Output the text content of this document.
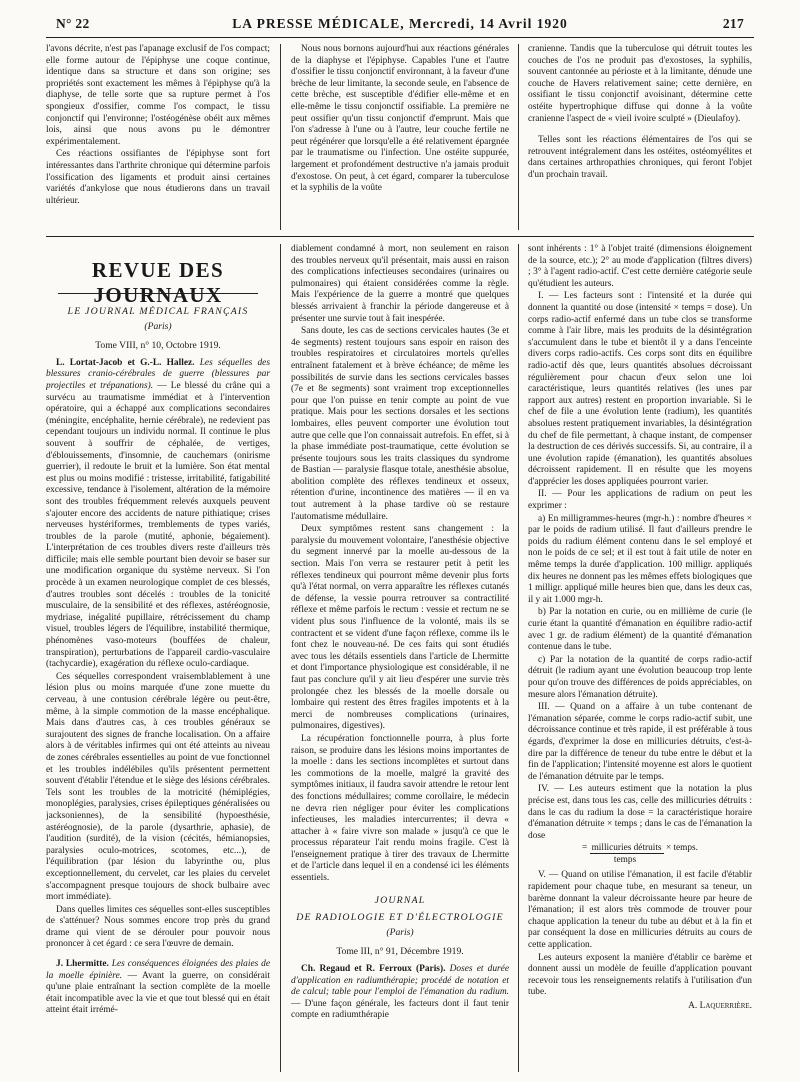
N° 22	LA PRESSE MÉDICALE, Mercredi, 14 Avril 1920	217

l'avons décrite, n'est pas l'apanage exclusif de l'os compact; elle forme autour de l'épiphyse une coque continue, identique dans sa structure et dans son origine; ses propriétés sont exactement les mêmes à l'épiphyse qu'à la diaphyse, de telle sorte que sa rupture permet à l'os spongieux d'ossifier, comme l'os compact, le tissu conjonctif qui l'environne; l'ostéogénèse obéit aux mêmes lois, ainsi que nous avons pu le démontrer expérimentalement.

Ces réactions ossifiantes de l'épiphyse sont fort intéressantes dans l'arthrite chronique qui détermine parfois l'ossification des ligaments et produit ainsi certaines variétés d'ankylose que nous étudierons dans un travail ultérieur.

Nous nous bornons aujourd'hui aux réactions générales de la diaphyse et l'épiphyse. Capables l'une et l'autre d'ossifier le tissu conjonctif environnant, à la faveur d'une brèche de leur limitante, la seconde seule, en l'absence de cette brèche, est susceptible d'édifier elle-même et en elle-même le tissu conjonctif ossifiable. La première ne peut ossifier qu'un tissu conjonctif d'emprunt. Mais que l'on s'adresse à l'une ou à l'autre, leur couche fertile ne peut régénérer que lorsqu'elle a été relativement épargnée par le traumatisme ou l'infection. Une ostéite suppurée, largement et profondément destructive n'a jamais produit d'exostose. On peut, à cet égard, comparer la tuberculose et la syphilis de la voûte

cranienne. Tandis que la tuberculose qui détruit toutes les couches de l'os ne produit pas d'exostoses, la syphilis, souvent cantonnée au périoste et à la limitante, dénude une couche de Havers relativement saine; cette dernière, en ossifiant le tissu conjonctif avoisinant, détermine cette ostéite hypertrophique diffuse qui donne à la voûte cranienne l'aspect de « vieil ivoire sculpté » (Dieulafoy).

Telles sont les réactions élémentaires de l'os qui se retrouvent intégralement dans les ostéites, ostéomyélites et dans certaines arthropathies chroniques, qui feront l'objet d'un prochain travail.

REVUE DES JOURNAUX
LE JOURNAL MÉDICAL FRANÇAIS
(Paris)
Tome VIII, n° 10, Octobre 1919.

L. Lortat-Jacob et G.-L. Hallez. Les séquelles des blessures cranio-cérébrales de guerre (blessures par projectiles et trépanations). — Le blessé du crâne qui a survécu au traumatisme immédiat et à l'intervention opératoire, qui a échappé aux complications secondaires (méningite, encéphalite, hernie cérébrale), ne redevient pas cependant toujours un individu normal. Il continue le plus souvent à souffrir de céphalée, de vertiges, d'éblouissements, d'insomnie, de cauchemars (onirisme guerrier), il redoute le bruit et la lumière. Son état mental est plus ou moins modifié : tristesse, irritabilité, fatigabilité excessive, tendance à l'isolement, altération de la mémoire sont des troubles fréquemment relevés auxquels peuvent s'ajouter encore des accidents de nature pithiatique; crises nerveuses hystériformes, tremblements de types variés, troubles de la parole (mutité, aphonie, bégaiement). L'interprétation de ces troubles divers reste d'ailleurs très difficile; mais elle semble pourtant bien devoir se baser sur une modification organique du système nerveux. Si l'on procède à un examen neurologique complet de ces blessés, d'autres troubles sont décelés : troubles de la tonicité musculaire, de la sensibilité et des réflexes, astéréognosie, mydriase, inégalité pupillaire, rétrécissement du champ visuel, troubles légers de l'équilibre, instabilité thermique, phénomènes vaso-moteurs (bouffées de chaleur, transpiration), perturbations de l'appareil cardio-vasculaire (tachycardie), exagération du réflexe oculo-cardiaque.

Ces séquelles correspondent vraisemblablement à une lésion plus ou moins marquée d'une zone muette du cerveau, à une contusion cérébrale légère ou peut-être, même, à la simple commotion de la masse encéphalique. Mais dans d'autres cas, à ces troubles généraux se surajoutent des signes de franche localisation. On a affaire alors à de véritables infirmes qui ont été atteints au niveau de zones cérébrales essentielles au point de vue fonctionnel et les troubles indélébiles qu'ils présentent permettent souvent d'établir l'étendue et le siège des lésions cérébrales. Tels sont les troubles de la motricité (hémiplégies, monoplégies, paralysies, crises épileptiques généralisées ou jacksoniennes), de la sensibilité (hypoesthésie, astéréognosie), de la parole (dysarthrie, aphasie), de l'audition (surdité), de la vision (cécités, hémianopsies, paralysies oculo-motrices, scotomes, etc...), de l'équilibration (par lésion du labyrinthe ou, plus exceptionnellement, du cervelet, car les plaies du cervelet s'accompagnent presque toujours de shock bulbaire avec mort immédiate).

Dans quelles limites ces séquelles sont-elles susceptibles de s'atténuer? Nous sommes encore trop près du grand drame qui vient de se dérouler pour pouvoir nous prononcer à cet égard : ce sera l'œuvre de demain.

J. Lhermitte. Les conséquences éloignées des plaies de la moelle épinière. — Avant la guerre, on considérait qu'une plaie entraînant la section complète de la moelle était incompatible avec la vie et que tout blessé qui en était atteint était irrémé-

diablement condamné à mort, non seulement en raison des troubles nerveux qu'il présentait, mais aussi en raison des complications infectieuses secondaires (urinaires ou pulmonaires) qui étaient considérées comme la règle. Mais l'expérience de la guerre a montré que quelques blessés arrivaient à franchir la période dangereuse et à présenter une survie tout à fait inespérée.

Sans doute, les cas de sections cervicales hautes (3e et 4e segments) restent toujours sans espoir en raison des troubles respiratoires et circulatoires mortels qu'elles entraînent fatalement et à brève échéance; de même les possibilités de survie dans les sections cervicales basses (7e et 8e segments) sont vraiment trop exceptionnelles pour que l'on puisse en tenir compte au point de vue pratique. Mais pour les sections dorsales et les sections lombaires, elles peuvent comporter une évolution tout autre que celle que l'on connaissait autrefois. En effet, si à la phase immédiate post-traumatique, cette évolution se présente toujours sous les traits classiques du syndrome de Bastian — paralysie flasque totale, anesthésie absolue, abolition complète des réflexes tendineux et osseux, rétention d'urine, incontinence des matières — il en va tout autrement à la phase tardive où se restaure l'automatisme médullaire.

Deux symptômes restent sans changement : la paralysie du mouvement volontaire, l'anesthésie objective du segment innervé par la moelle au-dessous de la section. Mais l'on verra se restaurer petit à petit les réflexes tendineux qui pourront même devenir plus forts qu'à l'état normal, on verra apparaître les réflexes cutanés de défense, la vessie pourra retrouver sa contractilité réflexe et même parfois le rectum : vessie et rectum ne se vident plus sous l'influence de la volonté, mais ils se contractent et se vident d'une façon réflexe, comme ils le font chez le nouveau-né. De ces faits qui sont étudiés avec tous les détails essentiels dans l'article de Lhermitte et dont l'importance physiologique est considérable, il ne faut pas conclure qu'il y ait lieu d'espérer une survie très prolongée chez les blessés de la moelle dorsale ou lombaire qui restent des êtres fragiles impotents et à la merci de nombreuses complications (urinaires, pulmonaires, digestives).

La récupération fonctionnelle pourra, à plus forte raison, se produire dans les lésions moins importantes de la moelle : dans les sections incomplètes et surtout dans les commotions de la moelle, malgré la gravité des symptômes initiaux, il faudra savoir attendre le retour lent des fonctions médullaires; comme corollaire, le médecin ne devra rien négliger pour éviter les complications infectieuses, les maladies intercurrentes; il devra « attacher à « faire vivre son malade » jusqu'à ce que le processus réparateur l'ait rendu moins fragile. C'est là l'enseignement pratique à tirer des travaux de Lhermitte et de l'article dans lequel il en a condensé ici les éléments essentiels.

JOURNAL
DE RADIOLOGIE ET D'ÉLECTROLOGIE
(Paris)
Tome III, n° 91, Décembre 1919.

Ch. Regaud et R. Ferroux (Paris). Doses et durée d'application en radiumthérapie; procédé de notation et de calcul; table pour l'emploi de l'émanation du radium. — D'une façon générale, les facteurs dont il faut tenir compte en radiumthérapie

sont inhérents : 1° à l'objet traité (dimensions éloignement de la source, etc.); 2° au mode d'application (filtres divers) ; 3° à l'agent radio-actif. C'est cette dernière catégorie seule qu'étudient les auteurs.

I. — Les facteurs sont : l'intensité et la durée qui donnent la quantité ou dose (intensité × temps = dose). Un corps radio-actif enfermé dans un tube clos se transforme comme à l'air libre, mais les produits de la désintégration s'accumulent dans le tube et bientôt il y a dans l'enceinte divers corps radio-actifs. Ces corps sont dits en équilibre radio-actif dès que, leurs quantités absolues décroissant régulièrement pour chacun d'eux selon une loi caractéristique, leurs quantités relatives (les unes par rapport aux autres) restent en proportion invariable. Si le chef de file a une évolution lente (radium), les quantités absolues restent pratiquement invariables, la désintégration du chef de file permettant, à chaque instant, de compenser la destruction de ces dérivés successifs. Si, au contraire, il a une évolution rapide (émanation), les quantités absolues décroissent rapidement. Il en résulte que les moyens d'apprécier les doses appliquées pourront varier.

II. — Pour les applications de radium on peut les exprimer :

a) En milligrammes-heures (mgr-h.) : nombre d'heures × par le poids de radium utilisé. Il faut d'ailleurs prendre le poids du radium élément contenu dans le sel employé et non le poids de ce sel; et il est tout à fait utile de noter en même temps la durée d'application. 100 milligr. appliqués dix heures ne donnent pas les mêmes effets biologiques que 1 milligr. appliqué mille heures bien que, dans les deux cas, il y ait 1.000 mgr-h.

b) Par la notation en curie, ou en millième de curie (le curie étant la quantité d'émanation en équilibre radio-actif avec 1 gr. de radium élément) de la quantité d'émanation contenue dans le tube.

c) Par la notation de la quantité de corps radio-actif détruit (le radium ayant une évolution beaucoup trop lente pour qu'on trouve des différences de poids appréciables, on mesure alors l'émanation détruite).

III. — Quand on a affaire à un tube contenant de l'émanation séparée, comme le corps radio-actif subit, une décroissance continue et très rapide, il est préférable à tous égards, d'exprimer la dose en millicuries détruits, c'est-à-dire par la différence de teneur du tube entre le début et la fin de l'application; l'intensité moyenne est alors le quotient de l'émanation détruite par le temps.

IV. — Les auteurs estiment que la notation la plus précise est, dans tous les cas, celle des millicuries détruits : dans le cas du radium la dose = la caractéristique horaire d'émanation détruite × temps ; dans le cas de l'émanation la dose

= millicuries détruits × temps.
temps

V. — Quand on utilise l'émanation, il est facile d'établir rapidement pour chaque tube, en mesurant sa teneur, un barème donnant la valeur décroissante heure par heure de l'émanation; il est alors très commode de trouver pour chaque application la teneur du tube au début et à la fin et par conséquent la dose en millicuries détruits au cours de cette application.

Les auteurs exposent la manière d'établir ce barème et donnent aussi un modèle de feuille d'application pouvant recevoir tous les renseignements relatifs à l'utilisation d'un tube.

A. Laquerrière.
